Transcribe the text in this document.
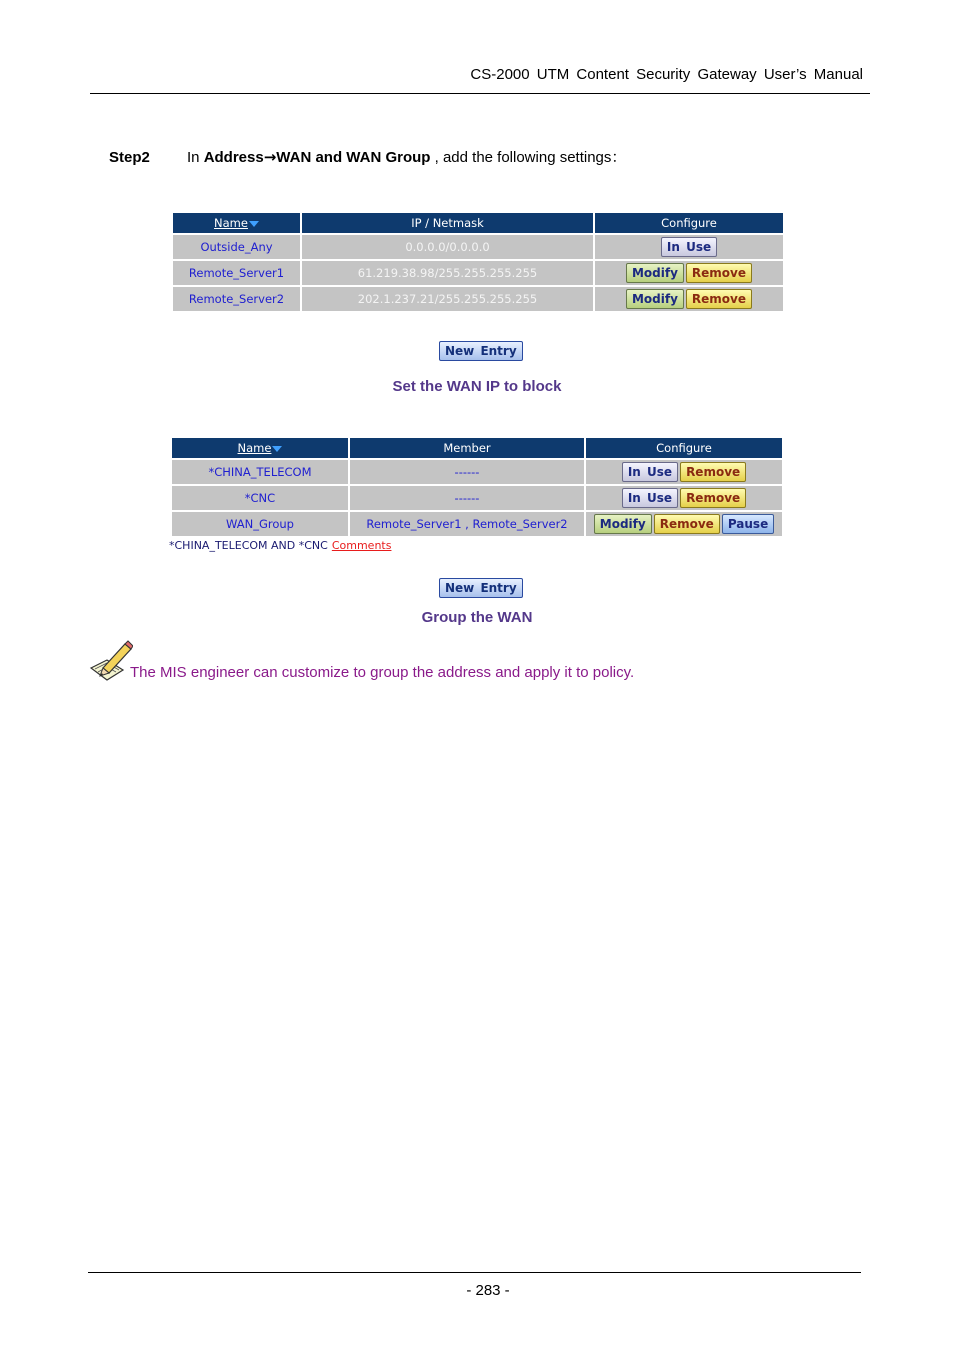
CS-2000 UTM Content Security Gateway User’s Manual
Step2 In Address→WAN and WAN Group , add the following settings：
Name	IP / Netmask	Configure
Outside_Any	0.0.0.0/0.0.0.0	In Use
Remote_Server1	61.219.38.98/255.255.255.255	Modify Remove
Remote_Server2	202.1.237.21/255.255.255.255	Modify Remove
New Entry
Set the WAN IP to block
Name	Member	Configure
*CHINA_TELECOM	------	In Use Remove
*CNC	------	In Use Remove
WAN_Group	Remote_Server1 , Remote_Server2	Modify Remove Pause
*CHINA_TELECOM AND *CNC Comments
New Entry
Group the WAN
The MIS engineer can customize to group the address and apply it to policy.
- 283 -
